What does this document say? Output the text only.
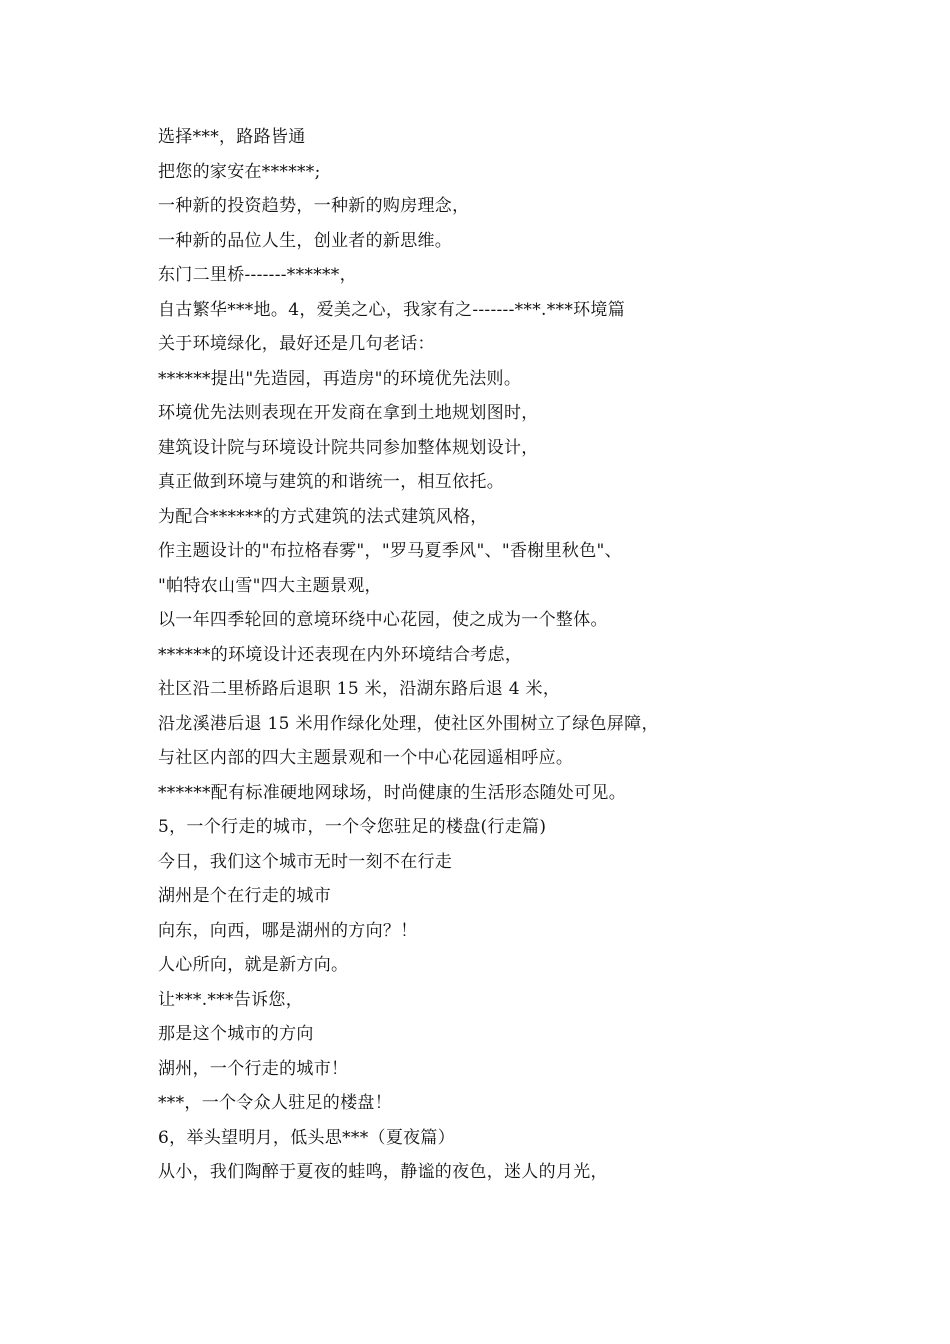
选择***，路路皆通
把您的家安在******;
一种新的投资趋势，一种新的购房理念，
一种新的品位人生，创业者的新思维。
东门二里桥-------******，
自古繁华***地。4，爱美之心，我家有之-------***.***环境篇
关于环境绿化，最好还是几句老话：
******提出"先造园，再造房"的环境优先法则。
环境优先法则表现在开发商在拿到土地规划图时，
建筑设计院与环境设计院共同参加整体规划设计，
真正做到环境与建筑的和谐统一，相互依托。
为配合******的方式建筑的法式建筑风格，
作主题设计的"布拉格春雾"，"罗马夏季风"、"香榭里秋色"、
"帕特农山雪"四大主题景观，
以一年四季轮回的意境环绕中心花园，使之成为一个整体。
******的环境设计还表现在内外环境结合考虑，
社区沿二里桥路后退职 15 米，沿湖东路后退 4 米，
沿龙溪港后退 15 米用作绿化处理，使社区外围树立了绿色屏障，
与社区内部的四大主题景观和一个中心花园遥相呼应。
******配有标准硬地网球场，时尚健康的生活形态随处可见。
5，一个行走的城市，一个令您驻足的楼盘(行走篇)
今日，我们这个城市无时一刻不在行走
湖州是个在行走的城市
向东，向西，哪是湖州的方向？！
人心所向，就是新方向。
让***.***告诉您，
那是这个城市的方向
湖州，一个行走的城市！
***，一个令众人驻足的楼盘！
6，举头望明月，低头思***（夏夜篇）
从小，我们陶醉于夏夜的蛙鸣，静谧的夜色，迷人的月光，
